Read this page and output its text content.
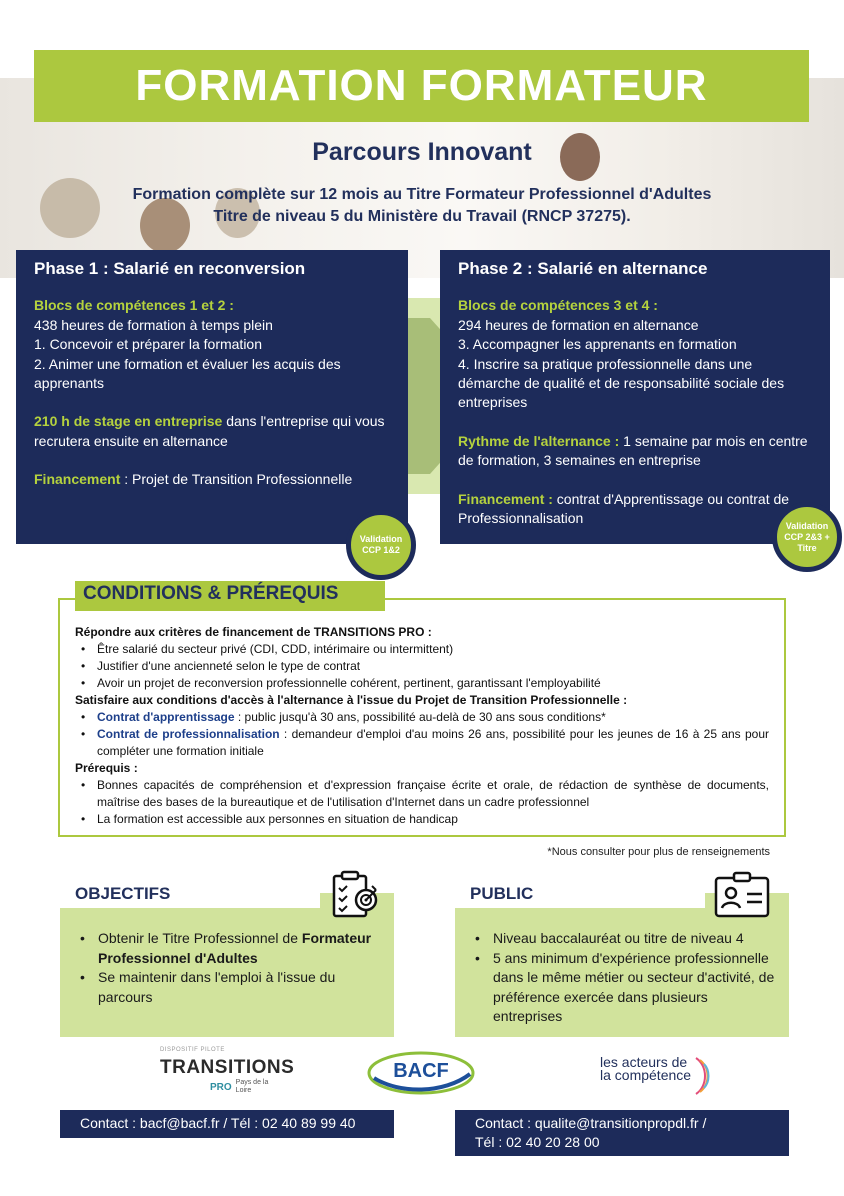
FORMATION FORMATEUR
Parcours Innovant
Formation complète sur 12 mois au Titre Formateur Professionnel d'Adultes
Titre de niveau 5 du Ministère du Travail (RNCP 37275).
Phase 1 : Salarié en reconversion

Blocs de compétences 1 et 2 :
438 heures de formation à temps plein
1. Concevoir et préparer la formation
2. Animer une formation et évaluer les acquis des apprenants

210 h de stage en entreprise dans l'entreprise qui vous recrutera ensuite en alternance

Financement : Projet de Transition Professionnelle

Validation CCP 1&2
Phase 2 : Salarié en alternance

Blocs de compétences 3 et 4 :
294 heures de formation en alternance
3. Accompagner les apprenants en formation
4. Inscrire sa pratique professionnelle dans une démarche de qualité et de responsabilité sociale des entreprises

Rythme de l'alternance : 1 semaine par mois en centre de formation, 3 semaines en entreprise

Financement : contrat d'Apprentissage ou contrat de Professionnalisation	Validation CCP 2&3 + Titre
CONDITIONS & PRÉREQUIS
Répondre aux critères de financement de TRANSITIONS PRO :
• Être salarié du secteur privé (CDI, CDD, intérimaire ou intermittent)
• Justifier d'une ancienneté selon le type de contrat
• Avoir un projet de reconversion professionnelle cohérent, pertinent, garantissant l'employabilité
Satisfaire aux conditions d'accès à l'alternance à l'issue du Projet de Transition Professionnelle :
• Contrat d'apprentissage : public jusqu'à 30 ans, possibilité au-delà de 30 ans sous conditions*
• Contrat de professionnalisation : demandeur d'emploi d'au moins 26 ans, possibilité pour les jeunes de 16 à 25 ans pour compléter une formation initiale
Prérequis :
• Bonnes capacités de compréhension et d'expression française écrite et orale, de rédaction de synthèse de documents, maîtrise des bases de la bureautique et de l'utilisation d'Internet dans un cadre professionnel
• La formation est accessible aux personnes en situation de handicap
*Nous consulter pour plus de renseignements
• Obtenir le Titre Professionnel de Formateur Professionnel d'Adultes
• Se maintenir dans l'emploi à l'issue du parcours
OBJECTIFS
• Niveau baccalauréat ou titre de niveau 4
• 5 ans minimum d'expérience professionnelle dans le même métier ou secteur d'activité, de préférence exercée dans plusieurs entreprises
PUBLIC
DISPOSITIF PILOTE
TRANSITIONS
PRO Pays de la Loire
BACF	les acteurs de la compétence
Contact : bacf@bacf.fr / Tél : 02 40 89 99 40	Contact : qualite@transitionpropdl.fr /
Tél : 02 40 20 28 00
